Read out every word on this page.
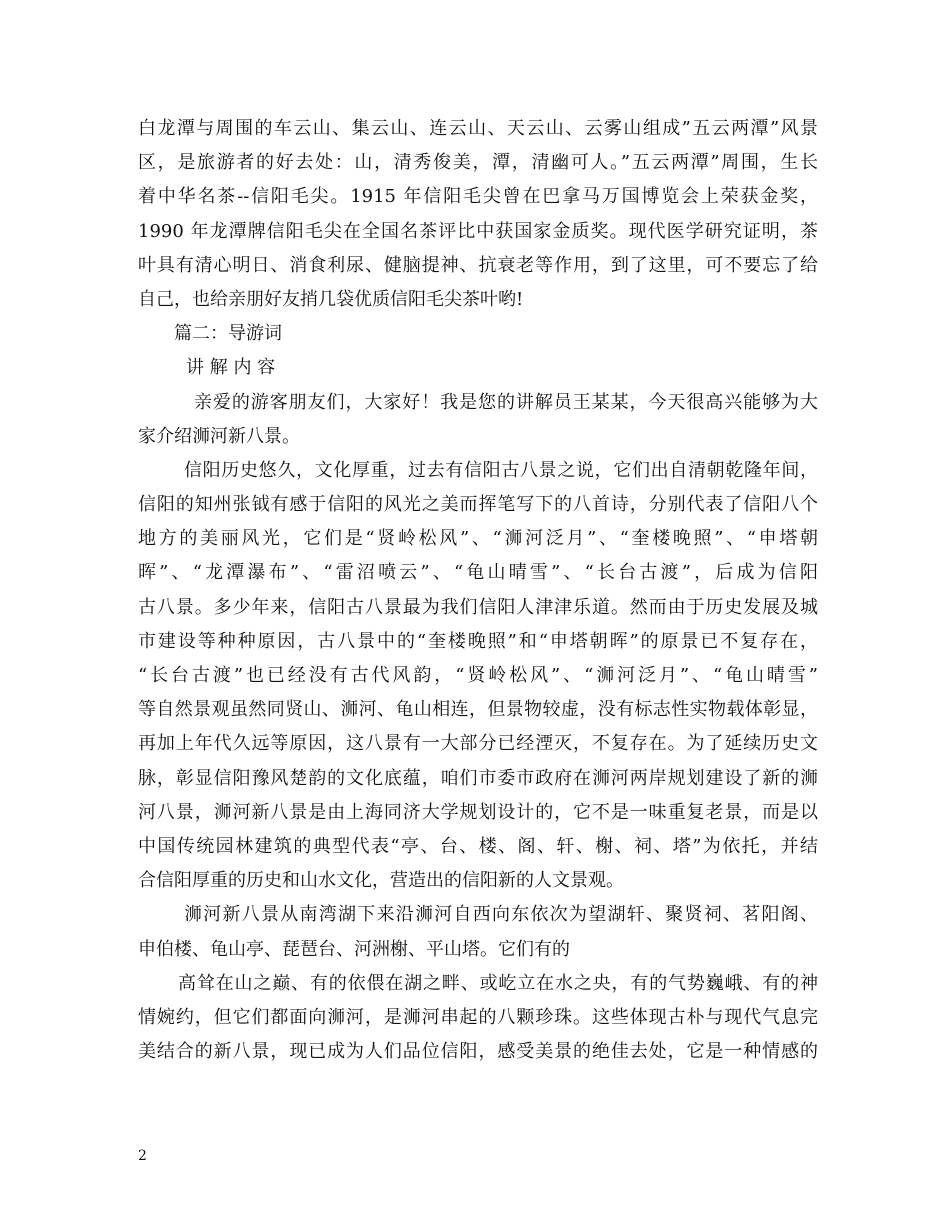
白龙潭与周围的车云山、集云山、连云山、天云山、云雾山组成”五云两潭”风景
区，是旅游者的好去处：山，清秀俊美，潭，清幽可人。”五云两潭”周围，生长
着中华名茶--信阳毛尖。1915 年信阳毛尖曾在巴拿马万国博览会上荣获金奖，
1990 年龙潭牌信阳毛尖在全国名茶评比中获国家金质奖。现代医学研究证明，茶
叶具有清心明日、消食利尿、健脑提神、抗衰老等作用，到了这里，可不要忘了给
自己，也给亲朋好友捎几袋优质信阳毛尖茶叶哟!
篇二：导游词
讲 解 内 容
亲爱的游客朋友们，大家好！我是您的讲解员王某某，今天很高兴能够为大
家介绍浉河新八景。
信阳历史悠久，文化厚重，过去有信阳古八景之说，它们出自清朝乾隆年间，
信阳的知州张钺有感于信阳的风光之美而挥笔写下的八首诗，分别代表了信阳八个
地方的美丽风光，它们是“贤岭松风”、“浉河泛月”、“奎楼晚照”、“申塔朝
晖”、“龙潭瀑布”、“雷沼喷云”、“龟山晴雪”、“长台古渡”，后成为信阳
古八景。多少年来，信阳古八景最为我们信阳人津津乐道。然而由于历史发展及城
市建设等种种原因，古八景中的“奎楼晚照”和“申塔朝晖”的原景已不复存在，
“长台古渡”也已经没有古代风韵，“贤岭松风”、“浉河泛月”、“龟山晴雪”
等自然景观虽然同贤山、浉河、龟山相连，但景物较虚，没有标志性实物载体彰显，
再加上年代久远等原因，这八景有一大部分已经湮灭，不复存在。为了延续历史文
脉，彰显信阳豫风楚韵的文化底蕴，咱们市委市政府在浉河两岸规划建设了新的浉
河八景，浉河新八景是由上海同济大学规划设计的，它不是一味重复老景，而是以
中国传统园林建筑的典型代表“亭、台、楼、阁、轩、榭、祠、塔”为依托，并结
合信阳厚重的历史和山水文化，营造出的信阳新的人文景观。
浉河新八景从南湾湖下来沿浉河自西向东依次为望湖轩、聚贤祠、茗阳阁、
申伯楼、龟山亭、琵琶台、河洲榭、平山塔。它们有的
高耸在山之巅、有的依偎在湖之畔、或屹立在水之央，有的气势巍峨、有的神
情婉约，但它们都面向浉河，是浉河串起的八颗珍珠。这些体现古朴与现代气息完
美结合的新八景，现已成为人们品位信阳，感受美景的绝佳去处，它是一种情感的
2
